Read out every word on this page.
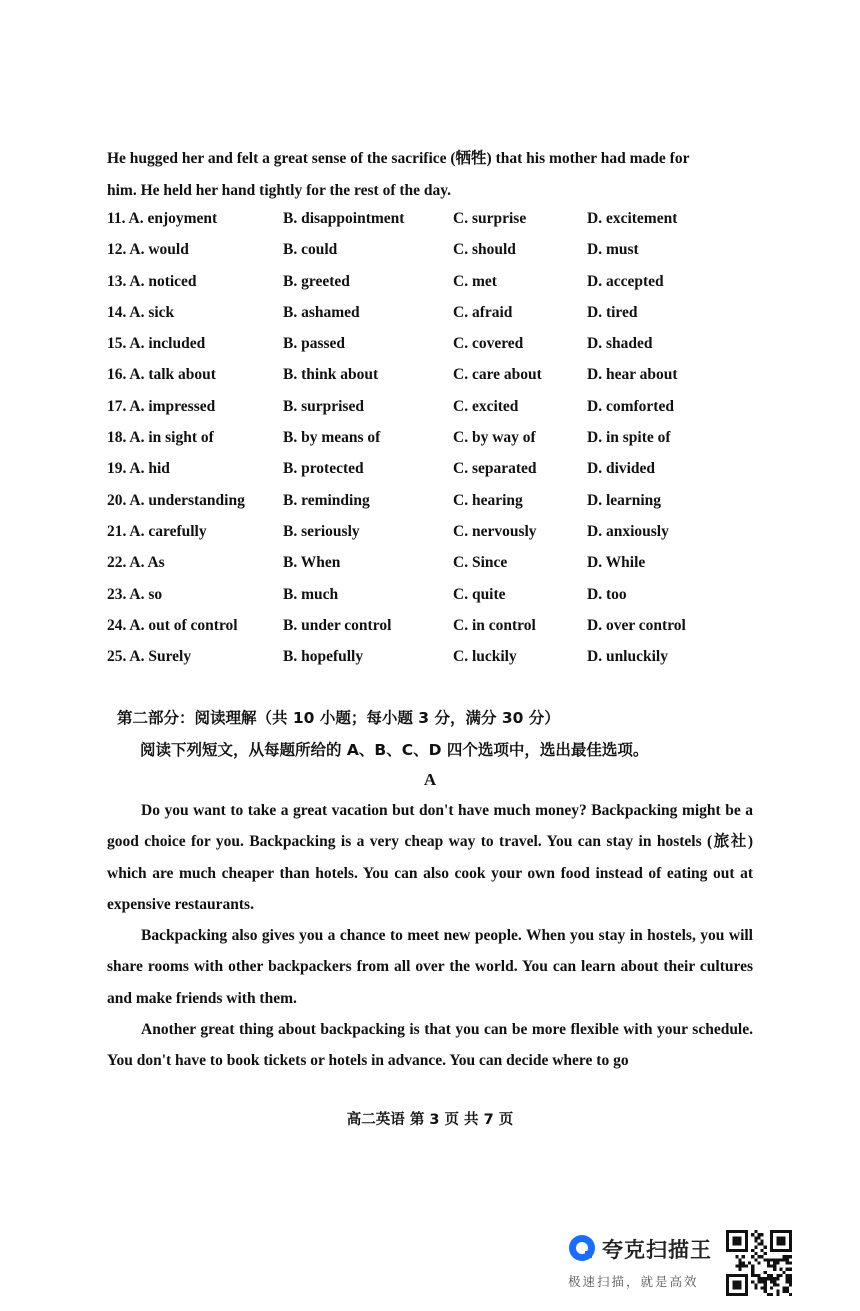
He hugged her and felt a great sense of the sacrifice (牺牲) that his mother had made for

him. He held her hand tightly for the rest of the day.

11. A. enjoyment	B. disappointment	C. surprise	D. excitement
12. A. would	B. could	C. should	D. must
13. A. noticed	B. greeted	C. met	D. accepted
14. A. sick	B. ashamed	C. afraid	D. tired
15. A. included	B. passed	C. covered	D. shaded
16. A. talk about	B. think about	C. care about	D. hear about
17. A. impressed	B. surprised	C. excited	D. comforted
18. A. in sight of	B. by means of	C. by way of	D. in spite of
19. A. hid	B. protected	C. separated	D. divided
20. A. understanding B. reminding	C. hearing	D. learning
21. A. carefully	B. seriously	C. nervously	D. anxiously
22. A. As	B. When	C. Since	D. While
23. A. so	B. much	C. quite	D. too
24. A. out of control	B. under control	C. in control	D. over control
25. A. Surely	B. hopefully	C. luckily	D. unluckily
第二部分：阅读理解（共 10 小题；每小题 3 分，满分 30 分）
阅读下列短文，从每题所给的 A、B、C、D 四个选项中，选出最佳选项。
A

Do you want to take a great vacation but don't have much money? Backpacking might be a good choice for you. Backpacking is a very cheap way to travel. You can stay in hostels (旅社) which are much cheaper than hotels. You can also cook your own food instead of eating out at expensive restaurants.

Backpacking also gives you a chance to meet new people. When you stay in hostels, you will share rooms with other backpackers from all over the world. You can learn about their cultures and make friends with them.

Another great thing about backpacking is that you can be more flexible with your schedule. You don't have to book tickets or hotels in advance. You can decide where to go

高二英语 第 3 页 共 7 页
夸克扫描王
极速扫描，就是高效
